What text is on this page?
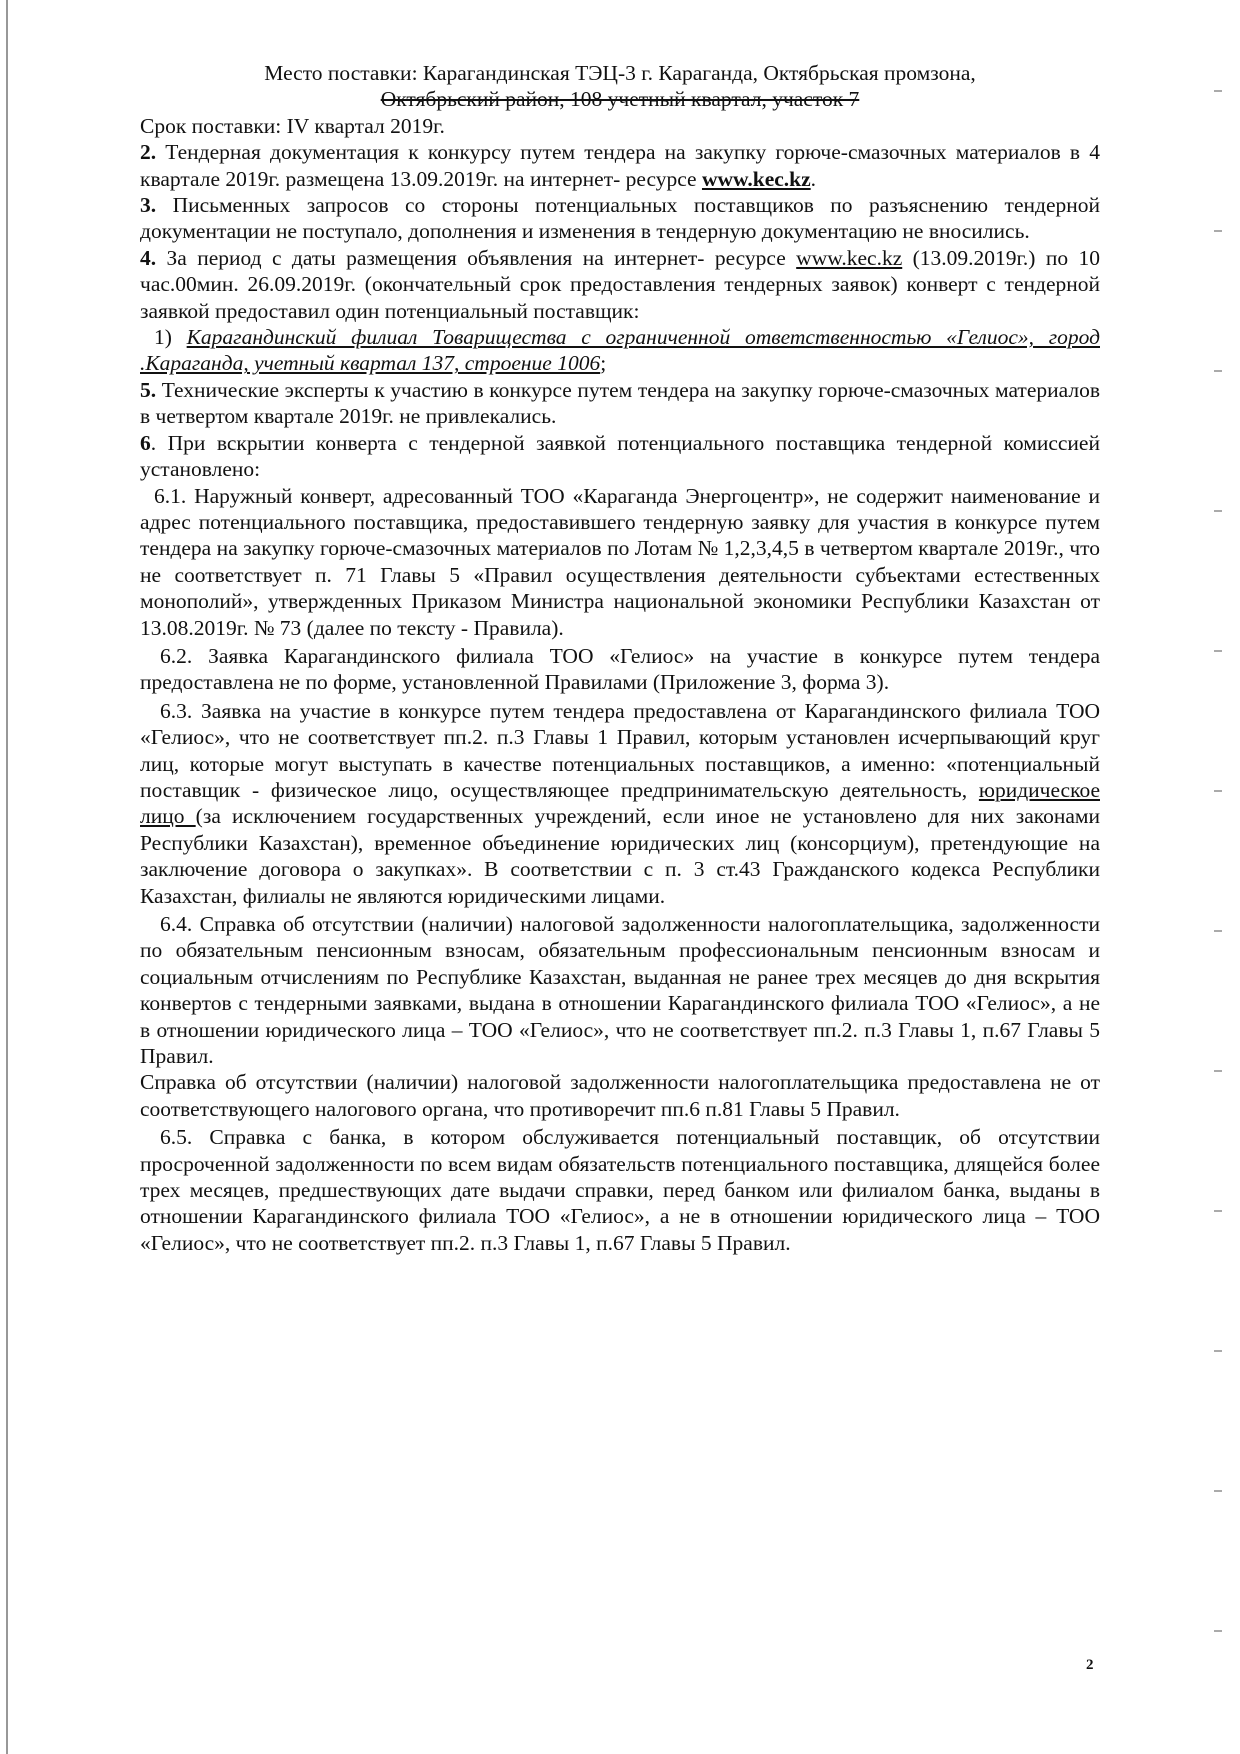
Место поставки: Карагандинская ТЭЦ-3 г. Караганда, Октябрьская промзона,

Октябрьский район, 108 учетный квартал, участок 7

Срок поставки: IV квартал 2019г.

2. Тендерная документация к конкурсу путем тендера на закупку горюче-смазочных материалов в 4 квартале 2019г. размещена 13.09.2019г. на интернет- ресурсе www.kec.kz.

3. Письменных запросов со стороны потенциальных поставщиков по разъяснению тендерной документации не поступало, дополнения и изменения в тендерную документацию не вносились.

4. За период с даты размещения объявления на интернет- ресурсе www.kec.kz (13.09.2019г.) по 10 час.00мин. 26.09.2019г. (окончательный срок предоставления тендерных заявок) конверт с тендерной заявкой предоставил один потенциальный поставщик:

1) Карагандинский филиал Товарищества с ограниченной ответственностью «Гелиос», город .Караганда, учетный квартал 137, строение 1006;

5. Технические эксперты к участию в конкурсе путем тендера на закупку горюче-смазочных материалов в четвертом квартале 2019г. не привлекались.

6. При вскрытии конверта с тендерной заявкой потенциального поставщика тендерной комиссией установлено:

6.1. Наружный конверт, адресованный ТОО «Караганда Энергоцентр», не содержит наименование и адрес потенциального поставщика, предоставившего тендерную заявку для участия в конкурсе путем тендера на закупку горюче-смазочных материалов по Лотам № 1,2,3,4,5 в четвертом квартале 2019г., что не соответствует п. 71 Главы 5 «Правил осуществления деятельности субъектами естественных монополий», утвержденных Приказом Министра национальной экономики Республики Казахстан от 13.08.2019г. № 73 (далее по тексту - Правила).

6.2. Заявка Карагандинского филиала ТОО «Гелиос» на участие в конкурсе путем тендера предоставлена не по форме, установленной Правилами (Приложение 3, форма 3).

6.3. Заявка на участие в конкурсе путем тендера предоставлена от Карагандинского филиала ТОО «Гелиос», что не соответствует пп.2. п.3 Главы 1 Правил, которым установлен исчерпывающий круг лиц, которые могут выступать в качестве потенциальных поставщиков, а именно: «потенциальный поставщик - физическое лицо, осуществляющее предпринимательскую деятельность, юридическое лицо (за исключением государственных учреждений, если иное не установлено для них законами Республики Казахстан), временное объединение юридических лиц (консорциум), претендующие на заключение договора о закупках». В соответствии с п. 3 ст.43 Гражданского кодекса Республики Казахстан, филиалы не являются юридическими лицами.

6.4. Справка об отсутствии (наличии) налоговой задолженности налогоплательщика, задолженности по обязательным пенсионным взносам, обязательным профессиональным пенсионным взносам и социальным отчислениям по Республике Казахстан, выданная не ранее трех месяцев до дня вскрытия конвертов с тендерными заявками, выдана в отношении Карагандинского филиала ТОО «Гелиос», а не в отношении юридического лица – ТОО «Гелиос», что не соответствует пп.2. п.3 Главы 1, п.67 Главы 5 Правил.

Справка об отсутствии (наличии) налоговой задолженности налогоплательщика предоставлена не от соответствующего налогового органа, что противоречит пп.6 п.81 Главы 5 Правил.

6.5. Справка с банка, в котором обслуживается потенциальный поставщик, об отсутствии просроченной задолженности по всем видам обязательств потенциального поставщика, длящейся более трех месяцев, предшествующих дате выдачи справки, перед банком или филиалом банка, выданы в отношении Карагандинского филиала ТОО «Гелиос», а не в отношении юридического лица – ТОО «Гелиос», что не соответствует пп.2. п.3 Главы 1, п.67 Главы 5 Правил.

2
